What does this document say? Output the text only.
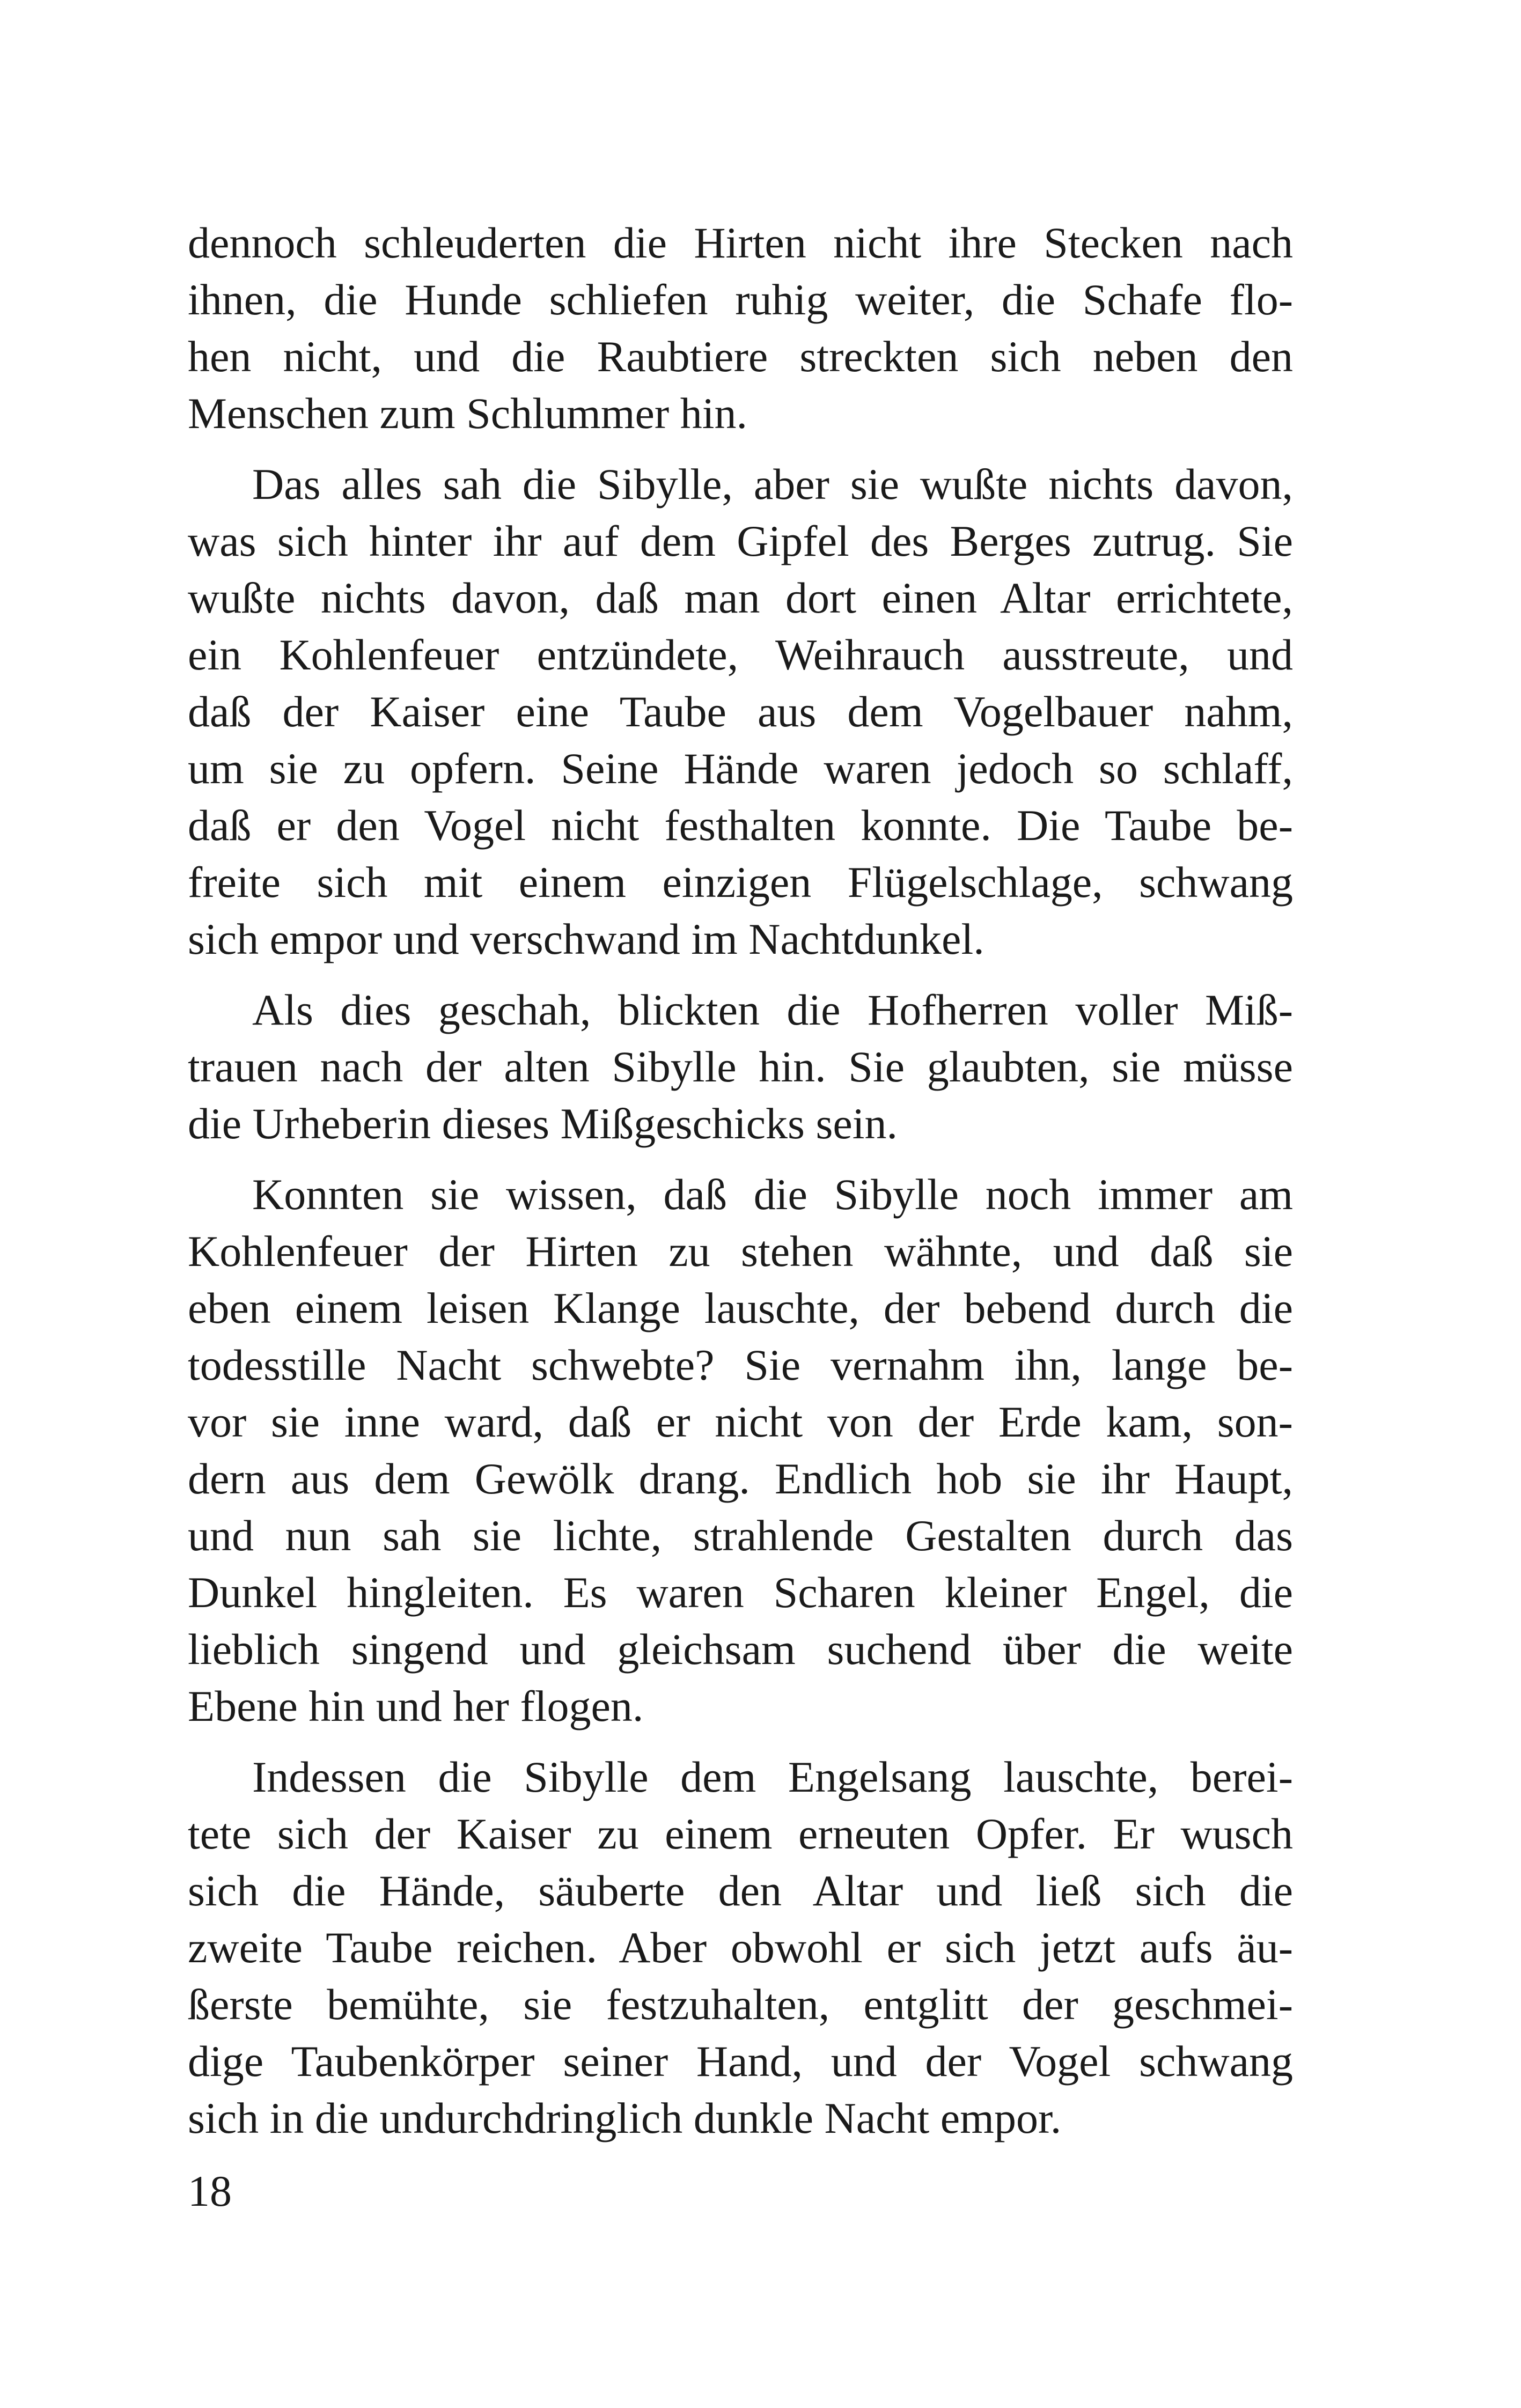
dennoch schleuderten die Hirten nicht ihre Stecken nach
ihnen, die Hunde schliefen ruhig weiter, die Schafe flo-
hen nicht, und die Raubtiere streckten sich neben den
Menschen zum Schlummer hin.

Das alles sah die Sibylle, aber sie wußte nichts davon,
was sich hinter ihr auf dem Gipfel des Berges zutrug. Sie
wußte nichts davon, daß man dort einen Altar errichtete,
ein Kohlenfeuer entzündete, Weihrauch ausstreute, und
daß der Kaiser eine Taube aus dem Vogelbauer nahm,
um sie zu opfern. Seine Hände waren jedoch so schlaff,
daß er den Vogel nicht festhalten konnte. Die Taube be-
freite sich mit einem einzigen Flügelschlage, schwang
sich empor und verschwand im Nachtdunkel.

Als dies geschah, blickten die Hofherren voller Miß-
trauen nach der alten Sibylle hin. Sie glaubten, sie müsse
die Urheberin dieses Mißgeschicks sein.

Konnten sie wissen, daß die Sibylle noch immer am
Kohlenfeuer der Hirten zu stehen wähnte, und daß sie
eben einem leisen Klange lauschte, der bebend durch die
todesstille Nacht schwebte? Sie vernahm ihn, lange be-
vor sie inne ward, daß er nicht von der Erde kam, son-
dern aus dem Gewölk drang. Endlich hob sie ihr Haupt,
und nun sah sie lichte, strahlende Gestalten durch das
Dunkel hingleiten. Es waren Scharen kleiner Engel, die
lieblich singend und gleichsam suchend über die weite
Ebene hin und her flogen.

Indessen die Sibylle dem Engelsang lauschte, berei-
tete sich der Kaiser zu einem erneuten Opfer. Er wusch
sich die Hände, säuberte den Altar und ließ sich die
zweite Taube reichen. Aber obwohl er sich jetzt aufs äu-
ßerste bemühte, sie festzuhalten, entglitt der geschmei-
dige Taubenkörper seiner Hand, und der Vogel schwang
sich in die undurchdringlich dunkle Nacht empor.

18
